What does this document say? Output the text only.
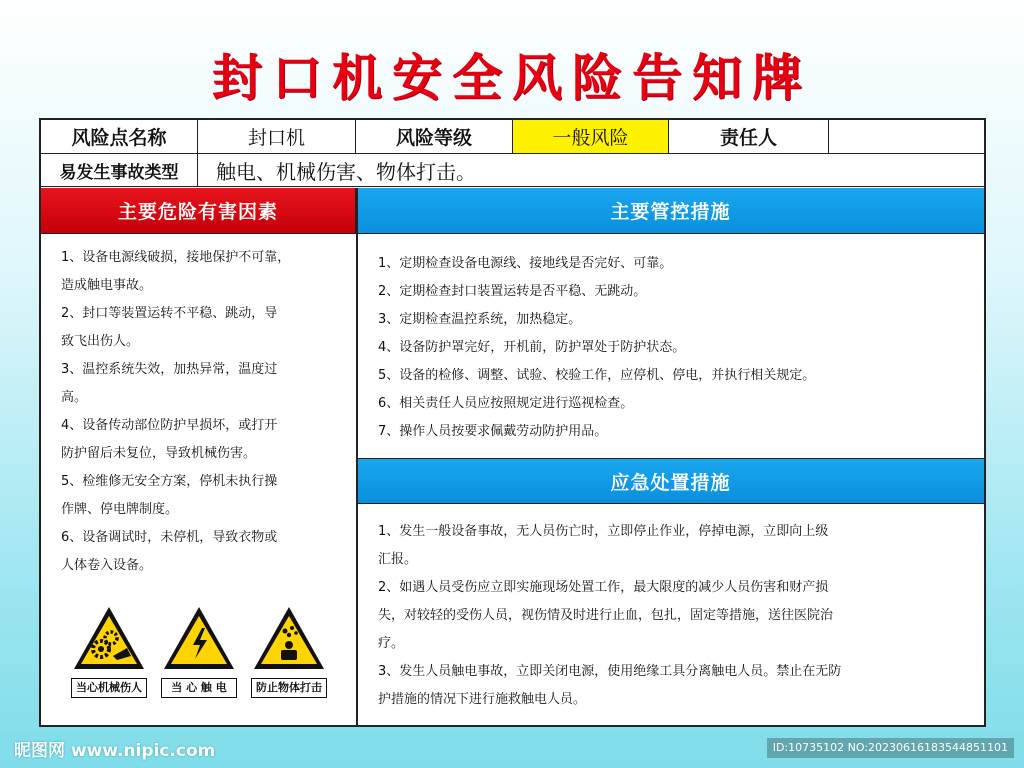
封口机安全风险告知牌
风险点名称	封口机	风险等级	一般风险	责任人
易发生事故类型	触电、机械伤害、物体打击。
主要危险有害因素	主要管控措施
应急处置措施
1、设备电源线破损，接地保护不可靠，
造成触电事故。
2、封口等装置运转不平稳、跳动，导
致飞出伤人。
3、温控系统失效，加热异常，温度过
高。
4、设备传动部位防护早损坏，或打开
防护留后未复位，导致机械伤害。
5、检维修无安全方案，停机未执行操
作牌、停电牌制度。
6、设备调试时，未停机，导致衣物或
人体卷入设备。
1、定期检查设备电源线、接地线是否完好、可靠。
2、定期检查封口装置运转是否平稳、无跳动。
3、定期检查温控系统，加热稳定。
4、设备防护罩完好，开机前，防护罩处于防护状态。
5、设备的检修、调整、试验、校验工作，应停机、停电，并执行相关规定。
6、相关责任人员应按照规定进行巡视检查。
7、操作人员按要求佩戴劳动防护用品。
1、发生一般设备事故，无人员伤亡时，立即停止作业，停掉电源，立即向上级
汇报。
2、如遇人员受伤应立即实施现场处置工作，最大限度的减少人员伤害和财产损
失，对较轻的受伤人员，视伤情及时进行止血，包扎，固定等措施，送往医院治
疗。
3、发生人员触电事故，立即关闭电源，使用绝缘工具分离触电人员。禁止在无防
护措施的情况下进行施救触电人员。
当心机械伤人	当 心 触 电	防止物体打击
昵图网 www.nipic.com	ID:10735102 NO:20230616183544851101
